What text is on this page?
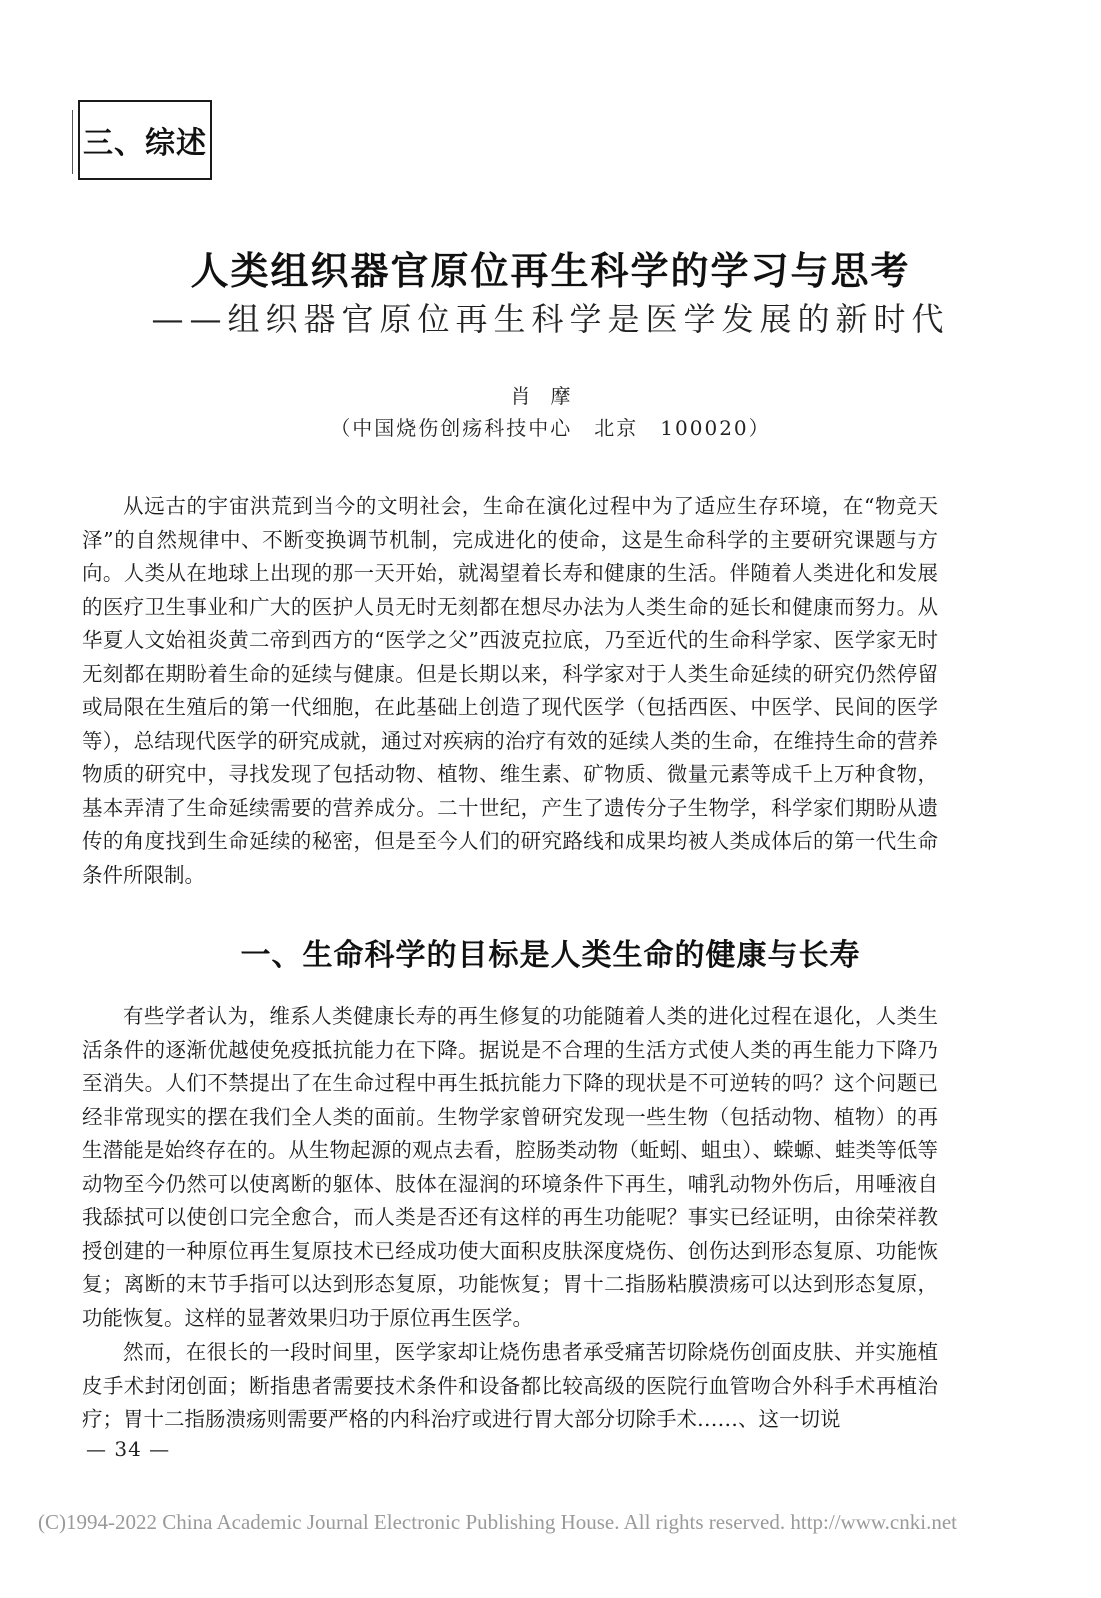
三、综述
人类组织器官原位再生科学的学习与思考
——组织器官原位再生科学是医学发展的新时代
肖摩
（中国烧伤创疡科技中心　北京　100020）

从远古的宇宙洪荒到当今的文明社会，生命在演化过程中为了适应生存环境，在“物竞天泽”的自然规律中、不断变换调节机制，完成进化的使命，这是生命科学的主要研究课题与方向。人类从在地球上出现的那一天开始，就渴望着长寿和健康的生活。伴随着人类进化和发展的医疗卫生事业和广大的医护人员无时无刻都在想尽办法为人类生命的延长和健康而努力。从华夏人文始祖炎黄二帝到西方的“医学之父”西波克拉底，乃至近代的生命科学家、医学家无时无刻都在期盼着生命的延续与健康。但是长期以来，科学家对于人类生命延续的研究仍然停留或局限在生殖后的第一代细胞，在此基础上创造了现代医学（包括西医、中医学、民间的医学等），总结现代医学的研究成就，通过对疾病的治疗有效的延续人类的生命，在维持生命的营养物质的研究中，寻找发现了包括动物、植物、维生素、矿物质、微量元素等成千上万种食物，基本弄清了生命延续需要的营养成分。二十世纪，产生了遗传分子生物学，科学家们期盼从遗传的角度找到生命延续的秘密，但是至今人们的研究路线和成果均被人类成体后的第一代生命条件所限制。

一、生命科学的目标是人类生命的健康与长寿

有些学者认为，维系人类健康长寿的再生修复的功能随着人类的进化过程在退化，人类生活条件的逐渐优越使免疫抵抗能力在下降。据说是不合理的生活方式使人类的再生能力下降乃至消失。人们不禁提出了在生命过程中再生抵抗能力下降的现状是不可逆转的吗？这个问题已经非常现实的摆在我们全人类的面前。生物学家曾研究发现一些生物（包括动物、植物）的再生潜能是始终存在的。从生物起源的观点去看，腔肠类动物（蚯蚓、蛆虫）、蝾螈、蛙类等低等动物至今仍然可以使离断的躯体、肢体在湿润的环境条件下再生，哺乳动物外伤后，用唾液自我舔拭可以使创口完全愈合，而人类是否还有这样的再生功能呢？事实已经证明，由徐荣祥教授创建的一种原位再生复原技术已经成功使大面积皮肤深度烧伤、创伤达到形态复原、功能恢复；离断的末节手指可以达到形态复原，功能恢复；胃十二指肠粘膜溃疡可以达到形态复原，功能恢复。这样的显著效果归功于原位再生医学。

然而，在很长的一段时间里，医学家却让烧伤患者承受痛苦切除烧伤创面皮肤、并实施植皮手术封闭创面；断指患者需要技术条件和设备都比较高级的医院行血管吻合外科手术再植治疗；胃十二指肠溃疡则需要严格的内科治疗或进行胃大部分切除手术……、这一切说

— 34 —
(C)1994-2022 China Academic Journal Electronic Publishing House. All rights reserved. http://www.cnki.net
